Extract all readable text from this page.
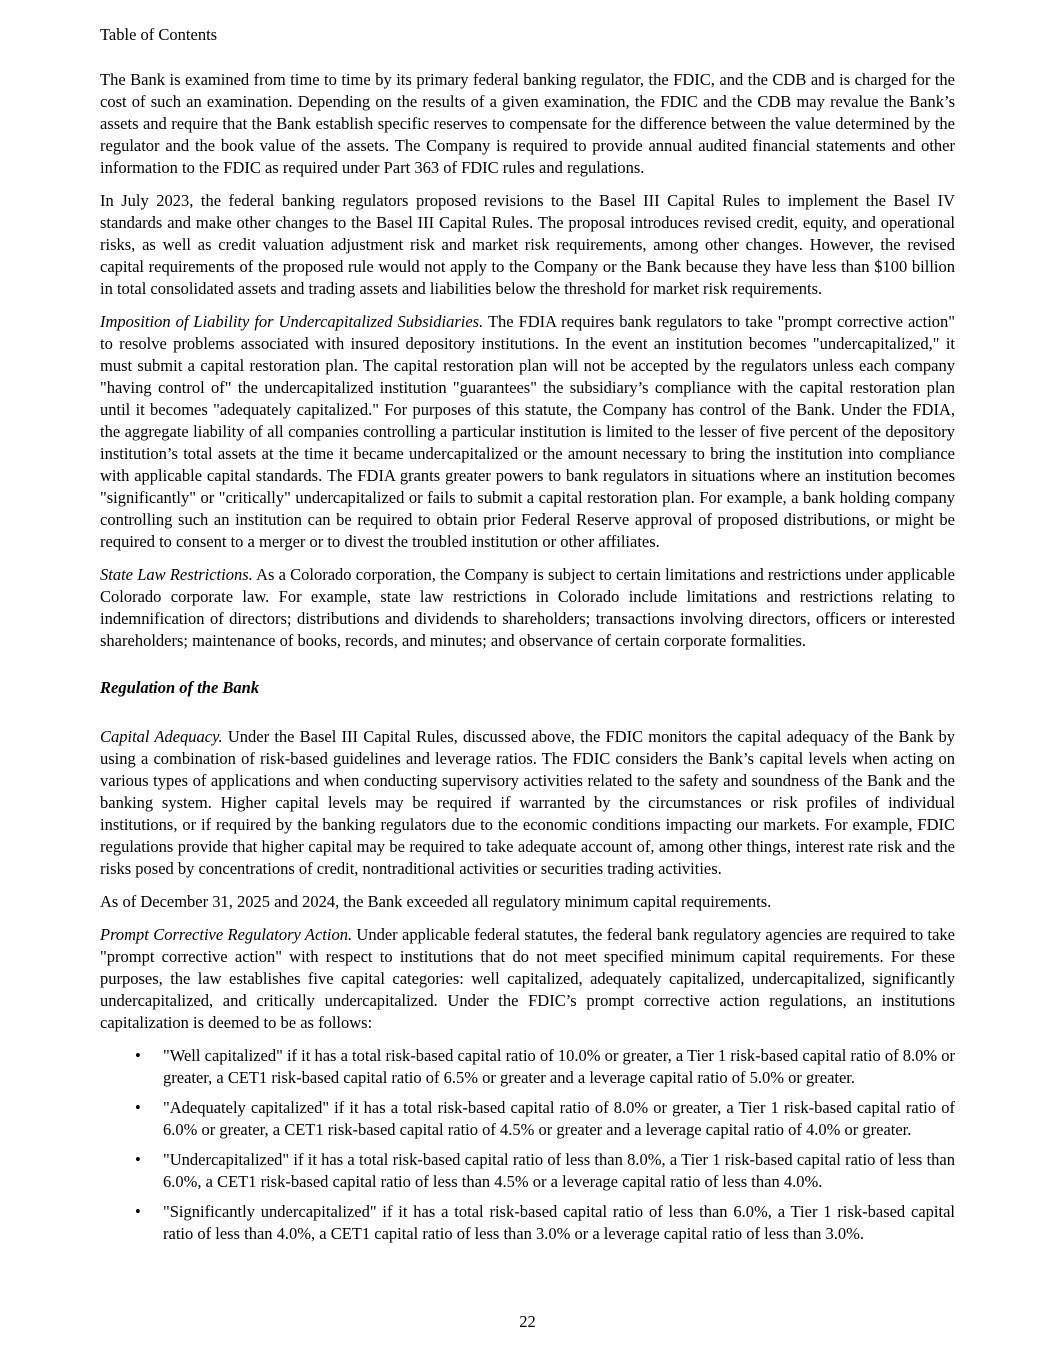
Table of Contents

The Bank is examined from time to time by its primary federal banking regulator, the FDIC, and the CDB and is charged for the cost of such an examination. Depending on the results of a given examination, the FDIC and the CDB may revalue the Bank’s assets and require that the Bank establish specific reserves to compensate for the difference between the value determined by the regulator and the book value of the assets. The Company is required to provide annual audited financial statements and other information to the FDIC as required under Part 363 of FDIC rules and regulations.

In July 2023, the federal banking regulators proposed revisions to the Basel III Capital Rules to implement the Basel IV standards and make other changes to the Basel III Capital Rules. The proposal introduces revised credit, equity, and operational risks, as well as credit valuation adjustment risk and market risk requirements, among other changes. However, the revised capital requirements of the proposed rule would not apply to the Company or the Bank because they have less than $100 billion in total consolidated assets and trading assets and liabilities below the threshold for market risk requirements.

Imposition of Liability for Undercapitalized Subsidiaries. The FDIA requires bank regulators to take "prompt corrective action" to resolve problems associated with insured depository institutions. In the event an institution becomes "undercapitalized," it must submit a capital restoration plan. The capital restoration plan will not be accepted by the regulators unless each company "having control of" the undercapitalized institution "guarantees" the subsidiary’s compliance with the capital restoration plan until it becomes "adequately capitalized." For purposes of this statute, the Company has control of the Bank. Under the FDIA, the aggregate liability of all companies controlling a particular institution is limited to the lesser of five percent of the depository institution’s total assets at the time it became undercapitalized or the amount necessary to bring the institution into compliance with applicable capital standards. The FDIA grants greater powers to bank regulators in situations where an institution becomes "significantly" or "critically" undercapitalized or fails to submit a capital restoration plan. For example, a bank holding company controlling such an institution can be required to obtain prior Federal Reserve approval of proposed distributions, or might be required to consent to a merger or to divest the troubled institution or other affiliates.

State Law Restrictions. As a Colorado corporation, the Company is subject to certain limitations and restrictions under applicable Colorado corporate law. For example, state law restrictions in Colorado include limitations and restrictions relating to indemnification of directors; distributions and dividends to shareholders; transactions involving directors, officers or interested shareholders; maintenance of books, records, and minutes; and observance of certain corporate formalities.

Regulation of the Bank

Capital Adequacy. Under the Basel III Capital Rules, discussed above, the FDIC monitors the capital adequacy of the Bank by using a combination of risk-based guidelines and leverage ratios. The FDIC considers the Bank’s capital levels when acting on various types of applications and when conducting supervisory activities related to the safety and soundness of the Bank and the banking system. Higher capital levels may be required if warranted by the circumstances or risk profiles of individual institutions, or if required by the banking regulators due to the economic conditions impacting our markets. For example, FDIC regulations provide that higher capital may be required to take adequate account of, among other things, interest rate risk and the risks posed by concentrations of credit, nontraditional activities or securities trading activities.

As of December 31, 2025 and 2024, the Bank exceeded all regulatory minimum capital requirements.

Prompt Corrective Regulatory Action. Under applicable federal statutes, the federal bank regulatory agencies are required to take "prompt corrective action" with respect to institutions that do not meet specified minimum capital requirements. For these purposes, the law establishes five capital categories: well capitalized, adequately capitalized, undercapitalized, significantly undercapitalized, and critically undercapitalized. Under the FDIC’s prompt corrective action regulations, an institutions capitalization is deemed to be as follows:

•	"Well capitalized" if it has a total risk-based capital ratio of 10.0% or greater, a Tier 1 risk-based capital ratio of 8.0% or greater, a CET1 risk-based capital ratio of 6.5% or greater and a leverage capital ratio of 5.0% or greater.
•	"Adequately capitalized" if it has a total risk-based capital ratio of 8.0% or greater, a Tier 1 risk-based capital ratio of 6.0% or greater, a CET1 risk-based capital ratio of 4.5% or greater and a leverage capital ratio of 4.0% or greater.
•	"Undercapitalized" if it has a total risk-based capital ratio of less than 8.0%, a Tier 1 risk-based capital ratio of less than 6.0%, a CET1 risk-based capital ratio of less than 4.5% or a leverage capital ratio of less than 4.0%.
•	"Significantly undercapitalized" if it has a total risk-based capital ratio of less than 6.0%, a Tier 1 risk-based capital ratio of less than 4.0%, a CET1 capital ratio of less than 3.0% or a leverage capital ratio of less than 3.0%.
22
